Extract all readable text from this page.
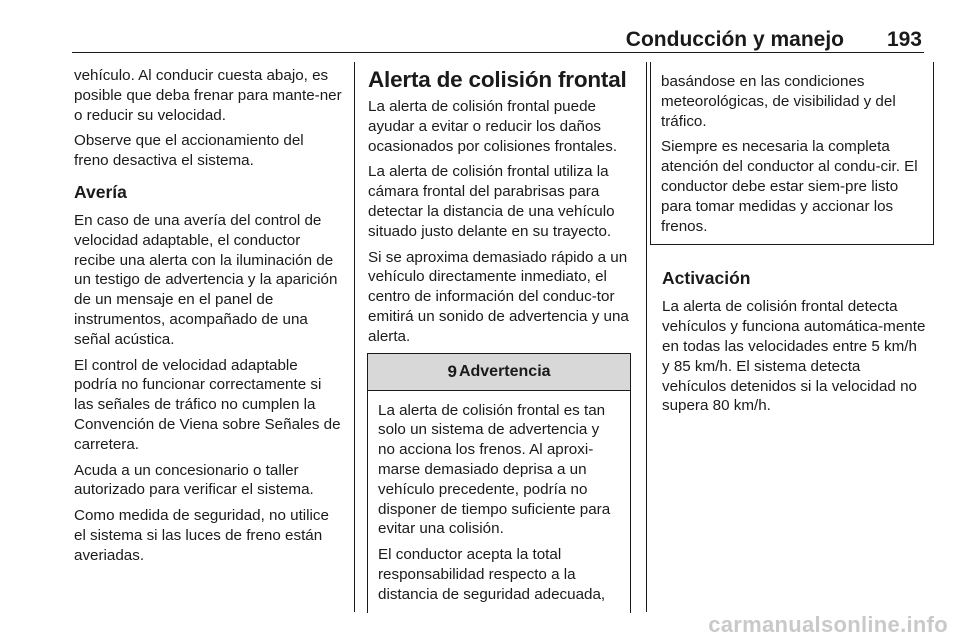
Conducción y manejo 193

vehículo. Al conducir cuesta abajo, es posible que deba frenar para mante-ner o reducir su velocidad.

Observe que el accionamiento del freno desactiva el sistema.

Avería

En caso de una avería del control de velocidad adaptable, el conductor recibe una alerta con la iluminación de un testigo de advertencia y la aparición de un mensaje en el panel de instrumentos, acompañado de una señal acústica.

El control de velocidad adaptable podría no funcionar correctamente si las señales de tráfico no cumplen la Convención de Viena sobre Señales de carretera.

Acuda a un concesionario o taller autorizado para verificar el sistema.

Como medida de seguridad, no utilice el sistema si las luces de freno están averiadas.

Alerta de colisión frontal

La alerta de colisión frontal puede ayudar a evitar o reducir los daños ocasionados por colisiones frontales.

La alerta de colisión frontal utiliza la cámara frontal del parabrisas para detectar la distancia de una vehículo situado justo delante en su trayecto.

Si se aproxima demasiado rápido a un vehículo directamente inmediato, el centro de información del conduc-tor emitirá un sonido de advertencia y una alerta.

9 Advertencia

La alerta de colisión frontal es tan solo un sistema de advertencia y no acciona los frenos. Al aproxi-marse demasiado deprisa a un vehículo precedente, podría no disponer de tiempo suficiente para evitar una colisión.

El conductor acepta la total responsabilidad respecto a la distancia de seguridad adecuada,

basándose en las condiciones meteorológicas, de visibilidad y del tráfico.

Siempre es necesaria la completa atención del conductor al condu-cir. El conductor debe estar siem-pre listo para tomar medidas y accionar los frenos.

Activación

La alerta de colisión frontal detecta vehículos y funciona automática-mente en todas las velocidades entre 5 km/h y 85 km/h. El sistema detecta vehículos detenidos si la velocidad no supera 80 km/h.

carmanualsonline.info
